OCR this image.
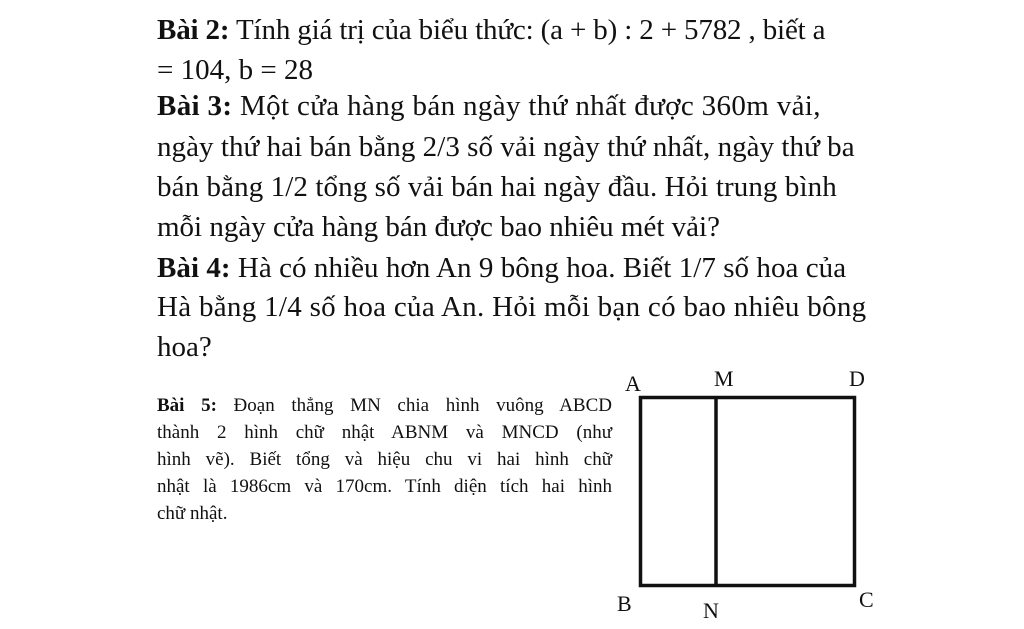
Bài 2: Tính giá trị của biểu thức: (a + b) : 2 + 5782 , biết a
= 104, b = 28
Bài 3: Một cửa hàng bán ngày thứ nhất được 360m vải,
ngày thứ hai bán bằng 2/3 số vải ngày thứ nhất, ngày thứ ba
bán bằng 1/2 tổng số vải bán hai ngày đầu. Hỏi trung bình
mỗi ngày cửa hàng bán được bao nhiêu mét vải?
Bài 4: Hà có nhiều hơn An 9 bông hoa. Biết 1/7 số hoa của
Hà bằng 1/4 số hoa của An. Hỏi mỗi bạn có bao nhiêu bông
hoa?
Bài 5: Đoạn thẳng MN chia hình vuông ABCD
thành 2 hình chữ nhật ABNM và MNCD (như
hình vẽ). Biết tổng và hiệu chu vi hai hình chữ
nhật là 1986cm và 170cm. Tính diện tích hai hình
chữ nhật.
A	M	D
B	N	C
